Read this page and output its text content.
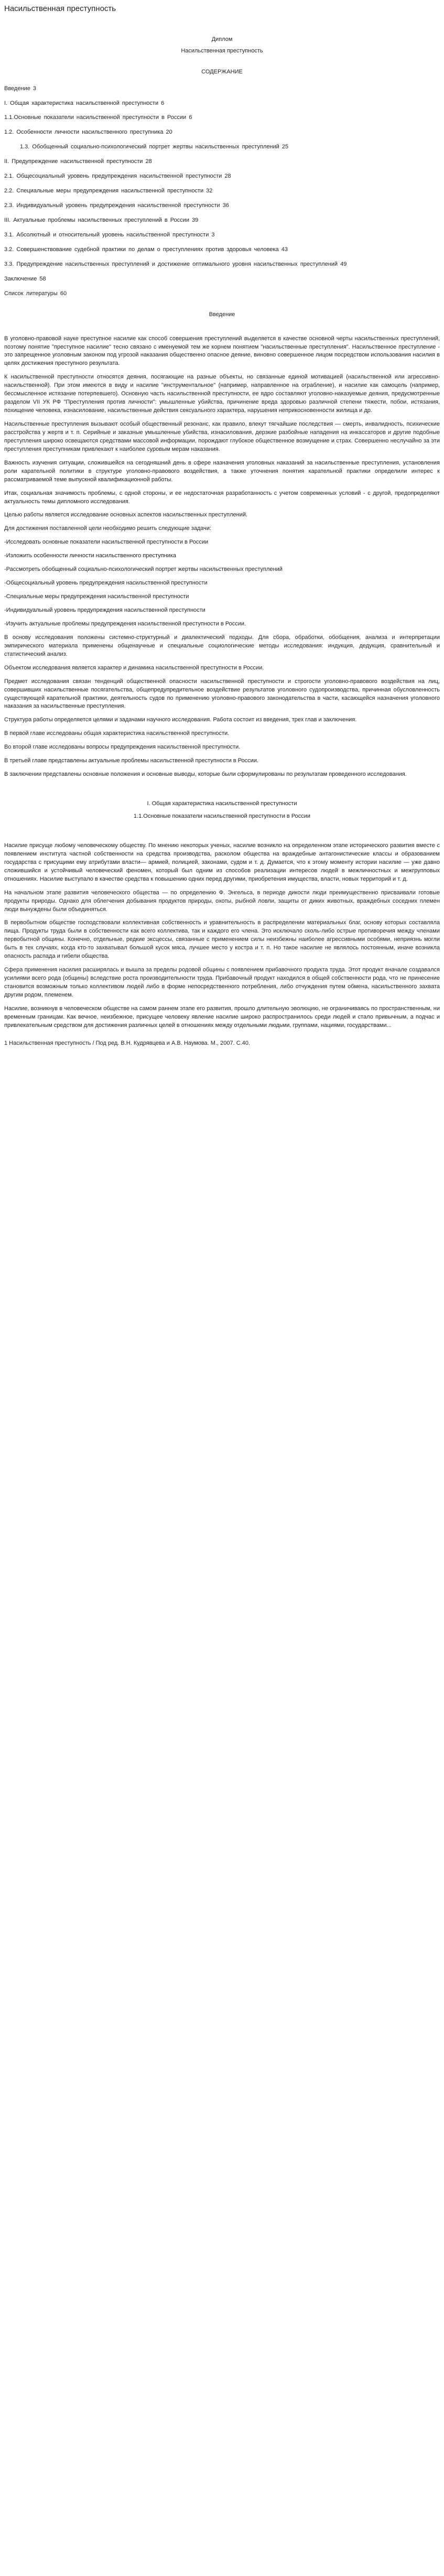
Насильственная преступность

Диплом

Насильственная преступность

СОДЕРЖАНИЕ

Введение 3

I. Общая характеристика насильственной преступности 6

1.1.Основные показатели насильственной преступности в России 6

1.2. Особенности личности насильственного преступника 20

1.3. Обобщенный социально-психологический портрет жертвы насильственных преступлений 25

II. Предупреждение насильственной преступности 28

2.1. Общесоциальный уровень предупреждения насильственной преступности 28

2.2. Специальные меры предупреждения насильственной преступности 32

2.3. Индивидуальный уровень предупреждения насильственной преступности 36

III. Актуальные проблемы насильственных преступлений в России 39

3.1. Абсолютный и относительный уровень насильственной преступности 3

3.2. Совершенствование судебной практики по делам о преступлениях против здоровья человека 43

3.3. Предупреждение насильственных преступлений и достижение оптимального уровня насильственных преступлений 49

Заключение 58

Список литературы 60

Введение

В уголовно-правовой науке преступное насилие как способ совершения преступлений выделяется в качестве основной черты насильственных преступлений, поэтому понятие "преступное насилие" тесно связано с именуемой тем же корнем понятием "насильственные преступления". Насильственное преступление - это запрещенное уголовным законом под угрозой наказания общественно опасное деяние, виновно совершенное лицом посредством использования насилия в целях достижения преступного результата.

К насильственной преступности относятся деяния, посягающие на разные объекты, но связанные единой мотивацией (насильственной или агрессивно-насильственной). При этом имеются в виду и насилие "инструментальное" (например, направленное на ограбление), и насилие как самоцель (например, бессмысленное истязание потерпевшего). Основную часть насильственной преступности, ее ядро составляют уголовно-наказуемые деяния, предусмотренные разделом VII УК РФ "Преступления против личности": умышленные убийства, причинение вреда здоровью различной степени тяжести, побои, истязания, похищение человека, изнасилование, насильственные действия сексуального характера, нарушения неприкосновенности жилища и др.

Насильственные преступления вызывают особый общественный резонанс, как правило, влекут тягчайшие последствия — смерть, инвалидность, психические расстройства у жертв и т. п. Серийные и заказные умышленные убийства, изнасилования, дерзкие разбойные нападения на инкассаторов и другие подобные преступления широко освещаются средствами массовой информации, порождают глубокое общественное возмущение и страх. Совершенно неслучайно за эти преступления преступникам привлекают к наиболее суровым мерам наказания.

Важность изучения ситуации, сложившейся на сегодняшний день в сфере назначения уголовных наказаний за насильственные преступления, установления роли карательной политики в структуре уголовно-правового воздействия, а также уточнения понятия карательной практики определили интерес к рассматриваемой теме выпускной квалификационной работы.

Итак, социальная значимость проблемы, с одной стороны, и ее недостаточная разработанность с учетом современных условий - с другой, предопределяют актуальность темы дипломного исследования.

Целью работы является исследование основных аспектов насильственных преступлений.

Для достижения поставленной цели необходимо решить следующие задачи:

-Исследовать основные показатели насильственной преступности в России

-Изложить особенности личности насильственного преступника

-Рассмотреть обобщенный социально-психологический портрет жертвы насильственных преступлений

-Общесоциальный уровень предупреждения насильственной преступности

-Специальные меры предупреждения насильственной преступности

-Индивидуальный уровень предупреждения насильственной преступности

-Изучить актуальные проблемы предупреждения насильственной преступности в России.

В основу исследования положены системно-структурный и диалектический подходы. Для сбора, обработки, обобщения, анализа и интерпретации эмпирического материала применены общенаучные и специальные социологические методы исследования: индукция, дедукция, сравнительный и статистический анализ.

Объектом исследования является характер и динамика насильственной преступности в России.

Предмет исследования связан тенденций общественной опасности насильственной преступности и строгости уголовно-правового воздействия на лиц, совершивших насильственные посягательства, общепредупредительное воздействие результатов уголовного судопроизводства, причинная обусловленность существующей карательной практики, деятельность судов по применению уголовно-правового законодательства в части, касающейся назначения уголовного наказания за насильственные преступления.

Структура работы определяется целями и задачами научного исследования. Работа состоит из введения, трех глав и заключения.

В первой главе исследованы общая характеристика насильственной преступности.

Во второй главе исследованы вопросы предупреждения насильственной преступности.

В третьей главе представлены актуальные проблемы насильственной преступности в России.

В заключении представлены основные положения и основные выводы, которые были сформулированы по результатам проведенного исследования.

I. Общая характеристика насильственной преступности

1.1.Основные показатели насильственной преступности в России

Насилие присуще любому человеческому обществу. По мнению некоторых ученых, насилие возникло на определенном этапе исторического развития вместе с появлением института частной собственности на средства производства, расколом общества на враждебные антагонистические классы и образованием государства с присущими ему атрибутами власти— армией, полицией, законами, судом и т. д. Думается, что к этому моменту истории насилие — уже давно сложившийся и устойчивый человеческий феномен, который был одним из способов реализации интересов людей в межличностных и межгрупповых отношениях. Насилие выступало в качестве средства к повышению одних перед другими, приобретения имущества, власти, новых территорий и т. д.

На начальном этапе развития человеческого общества — по определению Ф. Энгельса, в периоде дикости люди преимущественно присваивали готовые продукты природы. Однако для облегчения добывания продуктов природы, охоты, рыбной ловли, защиты от диких животных, враждебных соседних племен люди вынуждены были объединяться.

В первобытном обществе господствовали коллективная собственность и уравнительность в распределении материальных благ, основу которых составляла пища. Продукты труда были в собственности как всего коллектива, так и каждого его члена. Это исключало сколь-либо острые противоречия между членами первобытной общины. Конечно, отдельные, редкие эксцессы, связанные с применением силы неизбежны наиболее агрессивными особями, неприязнь могли быть в тех случаях, когда кто-то захватывал большой кусок мяса, лучшее место у костра и т. п. Но такое насилие не являлось постоянным, иначе возникла опасность распада и гибели общества.

Сфера применения насилия расширялась и вышла за пределы родовой общины с появлением прибавочного продукта труда. Этот продукт вначале создавался усилиями всего рода (общины) вследствие роста производительности труда. Прибавочный продукт находился в общей собственности рода, что не принесение становится возможным только коллективом людей либо в форме непосредственного потребления, либо отчуждения путем обмена, насильственного захвата другим родом, племенем.

Насилие, возникнув в человеческом обществе на самом раннем этапе его развития, прошло длительную эволюцию, не ограничиваясь по пространственным, ни временным границам. Как вечное, неизбежное, присущее человеку явление насилие широко распространилось среди людей и стало привычным, а подчас и привлекательным средством для достижения различных целей в отношениях между отдельными людьми, группами, нациями, государствами...

1 Насильственная преступность / Под ред. В.Н. Кудрявцева и А.В. Наумова. М., 2007. С.40.
